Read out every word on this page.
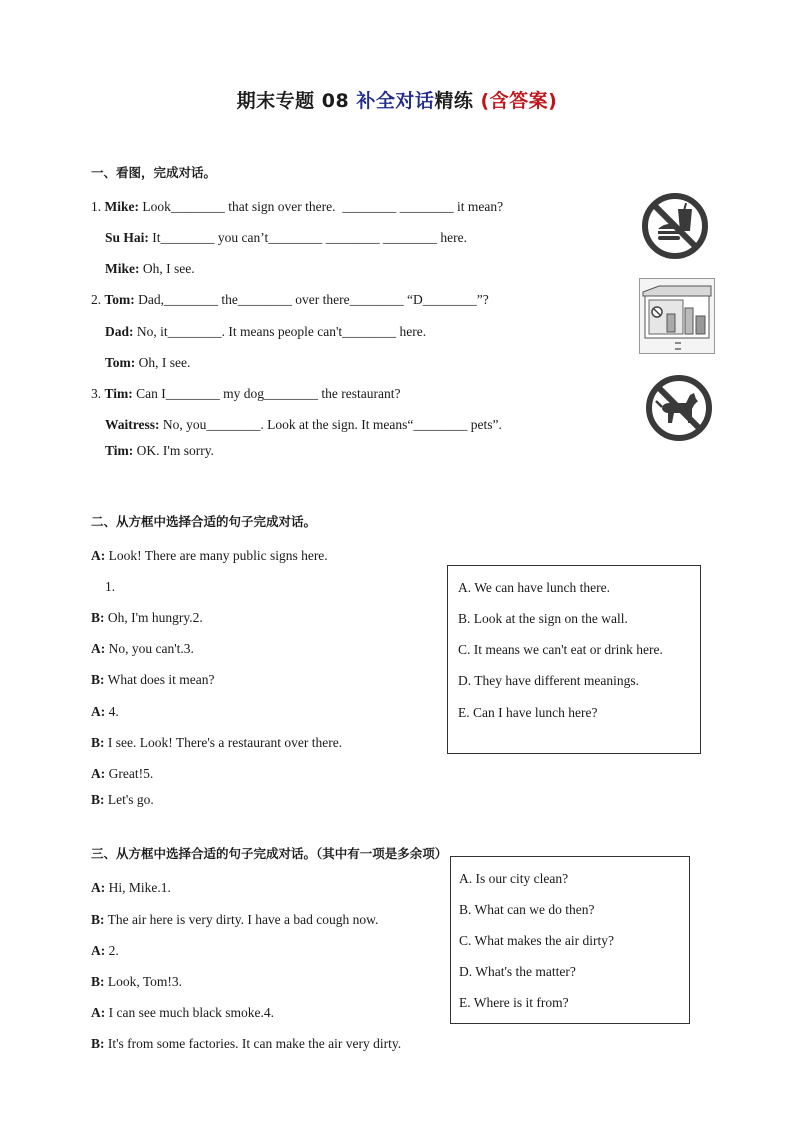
期末专题 08 补全对话精练 (含答案)
一、看图，完成对话。
1. Mike: Look________ that sign over there.  ________ ________ it mean?
Su Hai: It________ you can’t________ ________ ________ here.
Mike: Oh, I see.
2. Tom: Dad,________ the________ over there________ “D________”?
Dad: No, it________. It means people can't________ here.
Tom: Oh, I see.
3. Tim: Can I________ my dog________ the restaurant?
Waitress: No, you________. Look at the sign. It means“________ pets”.
Tim: OK. I'm sorry.
二、从方框中选择合适的句子完成对话。
A: Look! There are many public signs here.
1.
B: Oh, I'm hungry.2.
A: No, you can't.3.
B: What does it mean?
A: 4.
B: I see. Look! There's a restaurant over there.
A: Great!5.
B: Let's go.
A. We can have lunch there.
B. Look at the sign on the wall.
C. It means we can't eat or drink here.
D. They have different meanings.
E. Can I have lunch here?
三、从方框中选择合适的句子完成对话。（其中有一项是多余项）
A: Hi, Mike.1.
B: The air here is very dirty. I have a bad cough now.
A: 2.
B: Look, Tom!3.
A: I can see much black smoke.4.
B: It's from some factories. It can make the air very dirty.
A. Is our city clean?
B. What can we do then?
C. What makes the air dirty?
D. What's the matter?
E. Where is it from?
